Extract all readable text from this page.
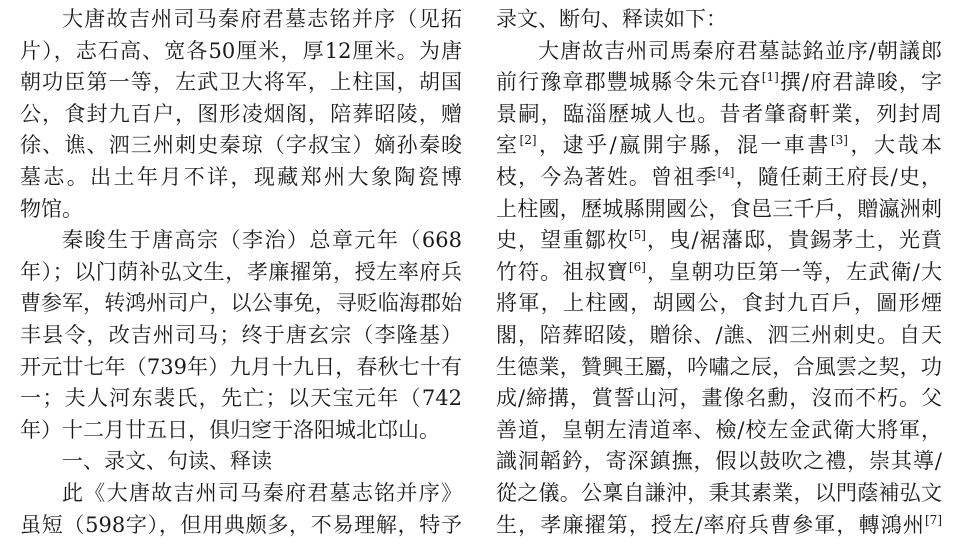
大唐故吉州司马秦府君墓志铭并序（见拓
片），志石高、宽各50厘米，厚12厘米。为唐
朝功臣第一等，左武卫大将军，上柱国，胡国
公，食封九百户，图形凌烟阁，陪葬昭陵，赠
徐、谯、泗三州刺史秦琼（字叔宝）嫡孙秦晙
墓志。出土年月不详，现藏郑州大象陶瓷博
物馆。
秦晙生于唐高宗（李治）总章元年（668
年）；以门荫补弘文生，孝廉擢第，授左率府兵
曹参军，转鸿州司户，以公事免，寻贬临海郡始
丰县令，改吉州司马；终于唐玄宗（李隆基）
开元廿七年（739年）九月十九日，春秋七十有
一；夫人河东裴氏，先亡；以天宝元年（742
年）十二月廿五日，俱归窆于洛阳城北邙山。
一、录文、句读、释读
此《大唐故吉州司马秦府君墓志铭并序》
虽短（598字），但用典颇多，不易理解，特予
录文、断句、释读如下：
大唐故吉州司馬秦府君墓誌銘並序/朝議郎
前行豫章郡豐城縣令朱元昚[1]撰/府君諱晙，字
景嗣，臨淄歷城人也。昔者肇裔軒業，列封周
室[2]，逮乎/嬴開宇縣，混一車書[3]，大哉本
枝，今為著姓。曾祖季[4]，隨任莿王府長/史，
上柱國，歷城縣開國公，食邑三千戶，贈瀛洲刺
史，望重鄒枚[5]，曳/裾藩邸，貴錫茅土，光賁
竹符。祖叔寶[6]，皇朝功臣第一等，左武衛/大
將軍，上柱國，胡國公，食封九百戶，圖形煙
閣，陪葬昭陵，贈徐、/譙、泗三州刺史。自天
生德業，贊興王屬，吟嘯之辰，合風雲之契，功
成/締搆，賞誓山河，畫像名勳，沒而不朽。父
善道，皇朝左清道率、檢/校左金武衛大將軍，
識洞韜鈐，寄深鎮撫，假以鼓吹之禮，崇其導/
從之儀。公稟自謙沖，秉其素業，以門蔭補弘文
生，孝廉擢第，授左/率府兵曹參軍，轉鴻州[7]
